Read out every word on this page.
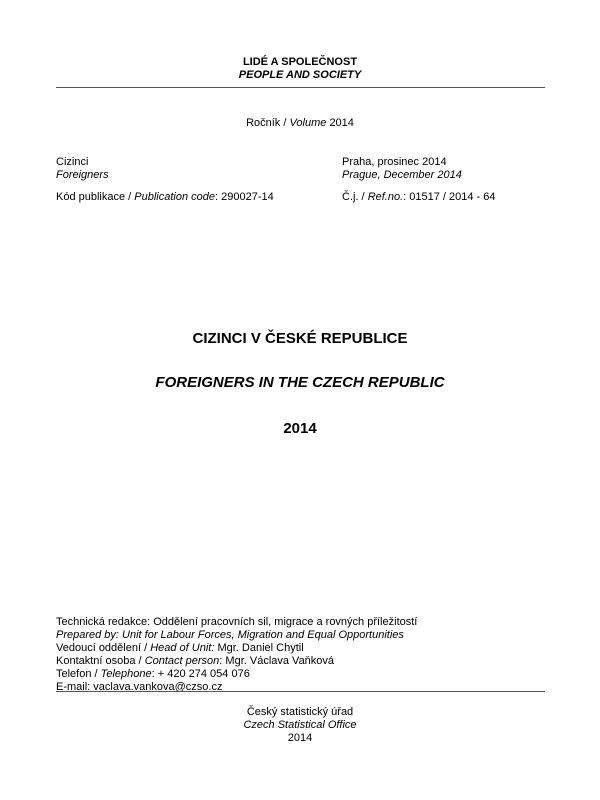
LIDÉ A SPOLEČNOST
PEOPLE AND SOCIETY
Ročník / Volume 2014
Cizinci
Foreigners
Kód publikace / Publication code: 290027-14
Praha, prosinec 2014
Prague, December 2014
Č.j. / Ref.no.: 01517 / 2014 - 64
CIZINCI V ČESKÉ REPUBLICE
FOREIGNERS IN THE CZECH REPUBLIC
2014
Technická redakce: Oddělení pracovních sil, migrace a rovných příležitostí
Prepared by: Unit for Labour Forces, Migration and Equal Opportunities
Vedoucí oddělení / Head of Unit: Mgr. Daniel Chytil
Kontaktní osoba / Contact person: Mgr. Václava Vaňková
Telefon / Telephone: + 420 274 054 076
E-mail: vaclava.vankova@czso.cz
Český statistický úřad
Czech Statistical Office
2014
